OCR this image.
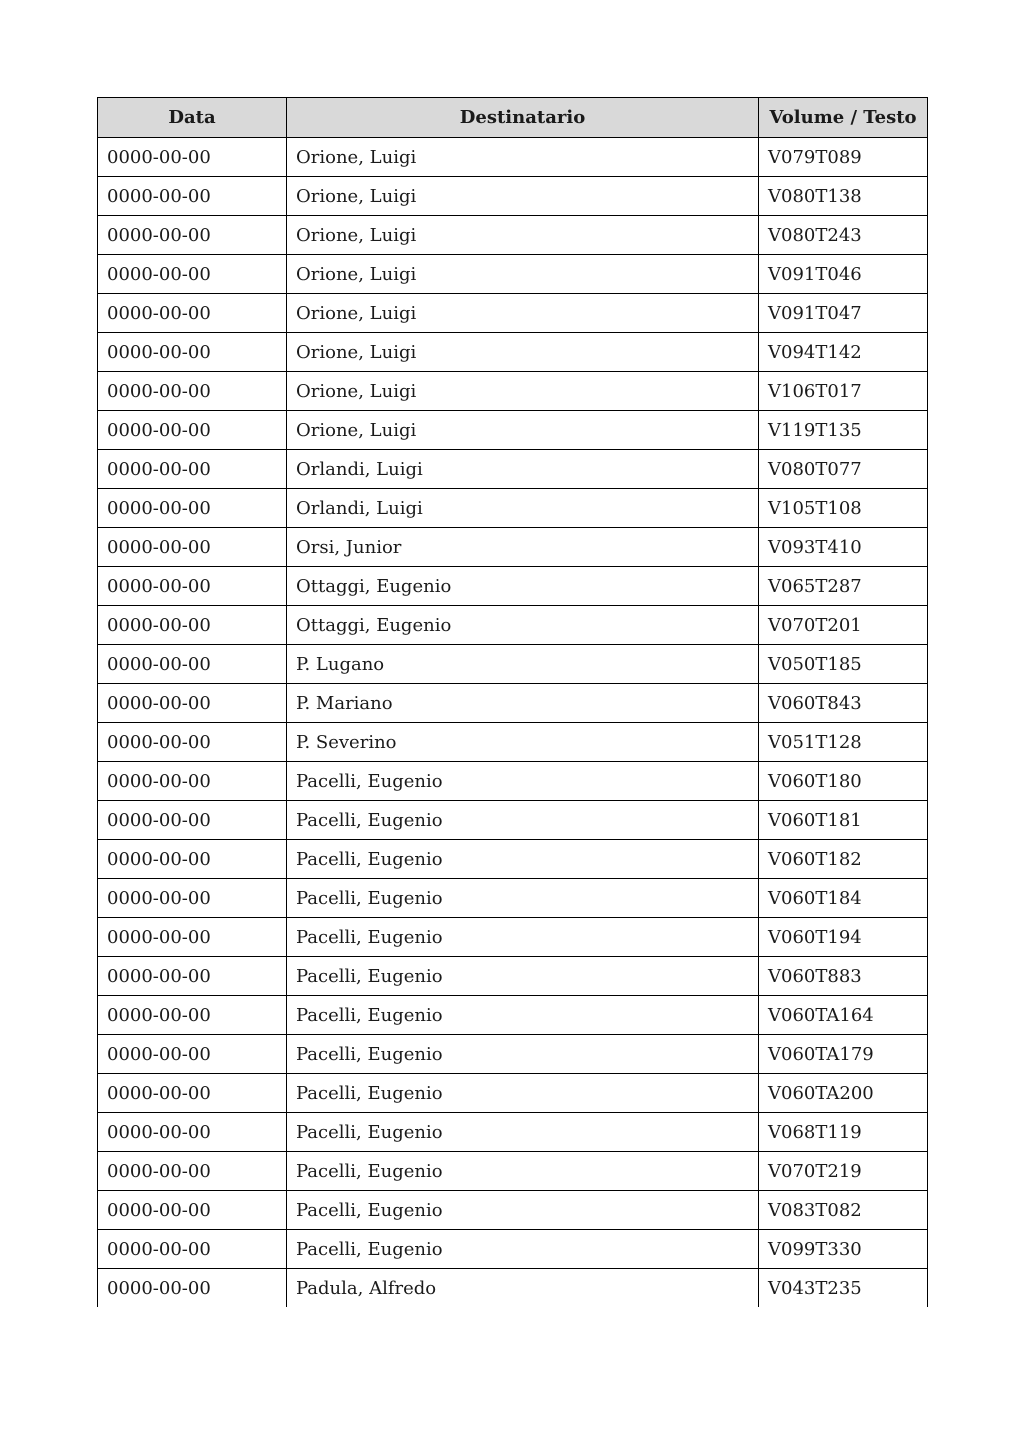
Data	Destinatario	Volume / Testo
0000-00-00	Orione, Luigi	V079T089
0000-00-00	Orione, Luigi	V080T138
0000-00-00	Orione, Luigi	V080T243
0000-00-00	Orione, Luigi	V091T046
0000-00-00	Orione, Luigi	V091T047
0000-00-00	Orione, Luigi	V094T142
0000-00-00	Orione, Luigi	V106T017
0000-00-00	Orione, Luigi	V119T135
0000-00-00	Orlandi, Luigi	V080T077
0000-00-00	Orlandi, Luigi	V105T108
0000-00-00	Orsi, Junior	V093T410
0000-00-00	Ottaggi, Eugenio	V065T287
0000-00-00	Ottaggi, Eugenio	V070T201
0000-00-00	P. Lugano	V050T185
0000-00-00	P. Mariano	V060T843
0000-00-00	P. Severino	V051T128
0000-00-00	Pacelli, Eugenio	V060T180
0000-00-00	Pacelli, Eugenio	V060T181
0000-00-00	Pacelli, Eugenio	V060T182
0000-00-00	Pacelli, Eugenio	V060T184
0000-00-00	Pacelli, Eugenio	V060T194
0000-00-00	Pacelli, Eugenio	V060T883
0000-00-00	Pacelli, Eugenio	V060TA164
0000-00-00	Pacelli, Eugenio	V060TA179
0000-00-00	Pacelli, Eugenio	V060TA200
0000-00-00	Pacelli, Eugenio	V068T119
0000-00-00	Pacelli, Eugenio	V070T219
0000-00-00	Pacelli, Eugenio	V083T082
0000-00-00	Pacelli, Eugenio	V099T330
0000-00-00	Padula, Alfredo	V043T235
